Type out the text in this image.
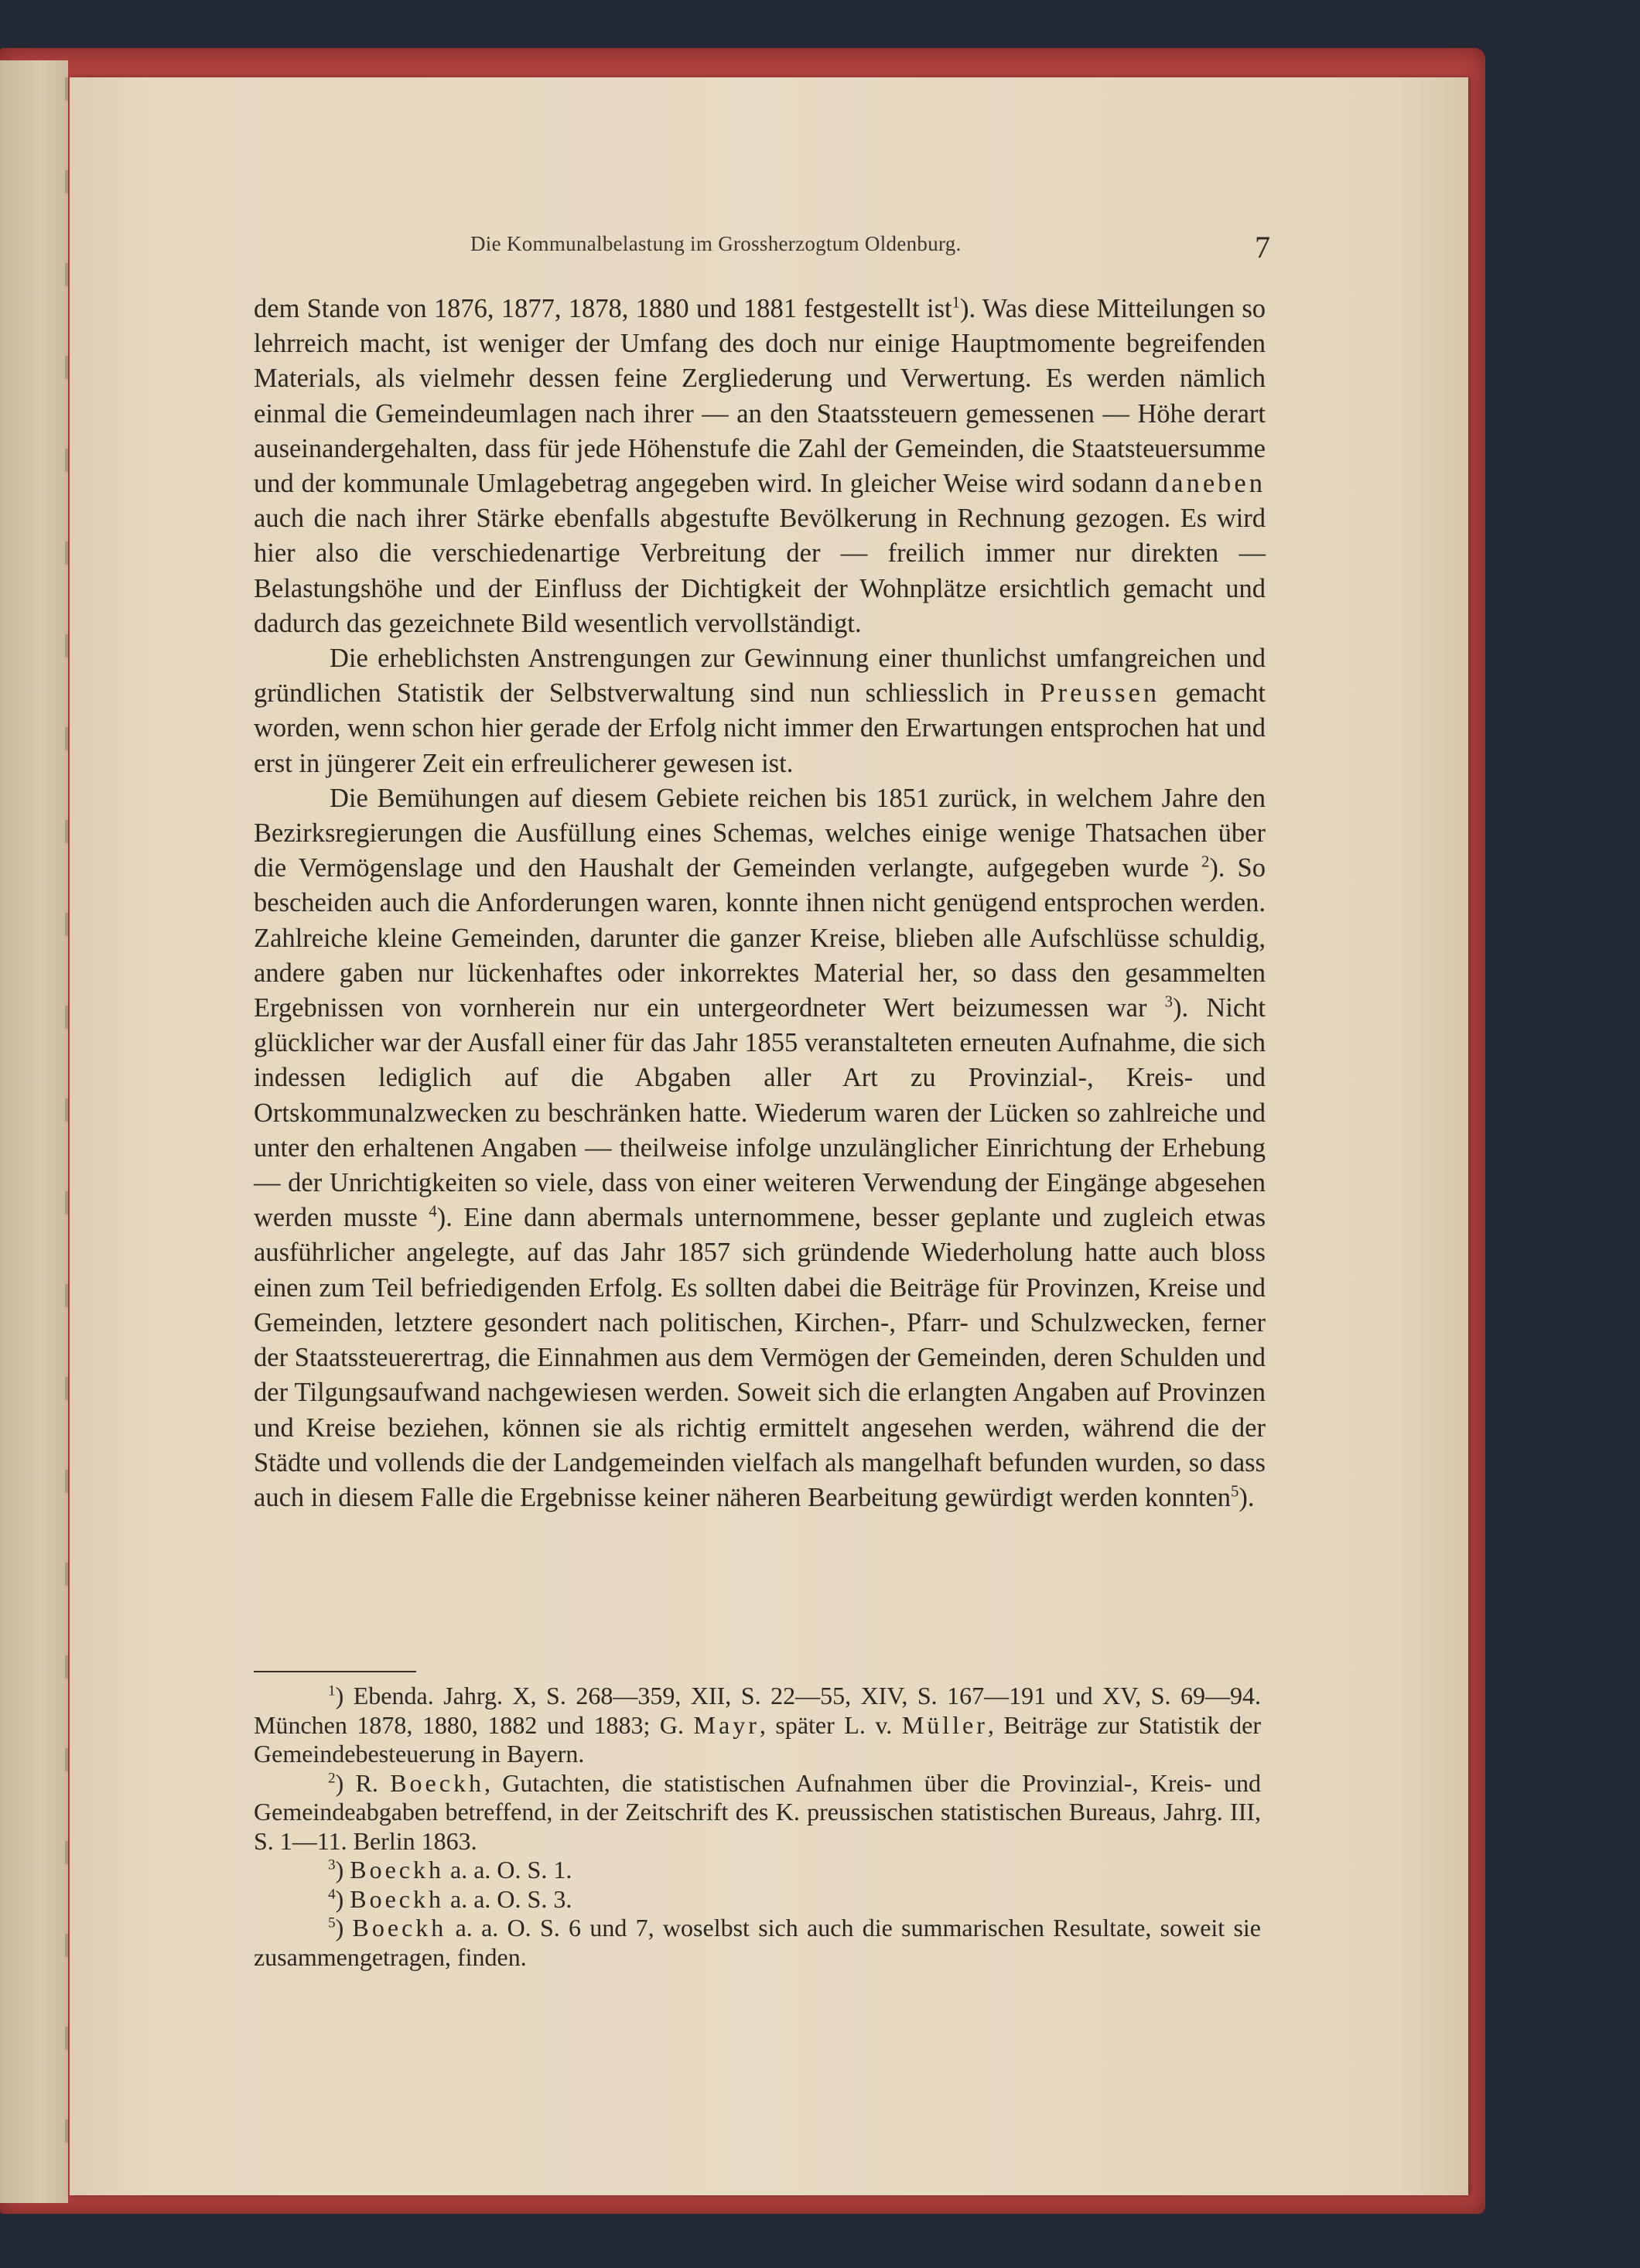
Die Kommunalbelastung im Grossherzogtum Oldenburg.	7

dem Stande von 1876, 1877, 1878, 1880 und 1881 festgestellt ist$^1$). Was diese Mitteilungen so lehrreich macht, ist weniger der Umfang des doch nur einige Hauptmomente begreifenden Materials, als vielmehr dessen feine Zergliederung und Verwertung. Es werden nämlich einmal die Gemeindeumlagen nach ihrer — an den Staatssteuern gemessenen — Höhe derart auseinandergehalten, dass für jede Höhenstufe die Zahl der Gemeinden, die Staatsteuersumme und der kommunale Umlagebetrag angegeben wird. In gleicher Weise wird sodann daneben auch die nach ihrer Stärke ebenfalls abgestufte Bevölkerung in Rechnung gezogen. Es wird hier also die verschiedenartige Verbreitung der — freilich immer nur direkten — Belastungshöhe und der Einfluss der Dichtigkeit der Wohnplätze ersichtlich gemacht und dadurch das gezeichnete Bild wesentlich vervollständigt.

Die erheblichsten Anstrengungen zur Gewinnung einer thunlichst umfangreichen und gründlichen Statistik der Selbstverwaltung sind nun schliesslich in Preussen gemacht worden, wenn schon hier gerade der Erfolg nicht immer den Erwartungen entsprochen hat und erst in jüngerer Zeit ein erfreulicherer gewesen ist.

Die Bemühungen auf diesem Gebiete reichen bis 1851 zurück, in welchem Jahre den Bezirksregierungen die Ausfüllung eines Schemas, welches einige wenige Thatsachen über die Vermögenslage und den Haushalt der Gemeinden verlangte, aufgegeben wurde $^2$). So bescheiden auch die Anforderungen waren, konnte ihnen nicht genügend entsprochen werden. Zahlreiche kleine Gemeinden, darunter die ganzer Kreise, blieben alle Aufschlüsse schuldig, andere gaben nur lückenhaftes oder inkorrektes Material her, so dass den gesammelten Ergebnissen von vornherein nur ein untergeordneter Wert beizumessen war $^3$). Nicht glücklicher war der Ausfall einer für das Jahr 1855 veranstalteten erneuten Aufnahme, die sich indessen lediglich auf die Abgaben aller Art zu Provinzial-, Kreis- und Ortskommunalzwecken zu beschränken hatte. Wiederum waren der Lücken so zahlreiche und unter den erhaltenen Angaben — theilweise infolge unzulänglicher Einrichtung der Erhebung — der Unrichtigkeiten so viele, dass von einer weiteren Verwendung der Eingänge abgesehen werden musste $^4$). Eine dann abermals unternommene, besser geplante und zugleich etwas ausführlicher angelegte, auf das Jahr 1857 sich gründende Wiederholung hatte auch bloss einen zum Teil befriedigenden Erfolg. Es sollten dabei die Beiträge für Provinzen, Kreise und Gemeinden, letztere gesondert nach politischen, Kirchen-, Pfarr- und Schulzwecken, ferner der Staatssteuerertrag, die Einnahmen aus dem Vermögen der Gemeinden, deren Schulden und der Tilgungsaufwand nachgewiesen werden. Soweit sich die erlangten Angaben auf Provinzen und Kreise beziehen, können sie als richtig ermittelt angesehen werden, während die der Städte und vollends die der Landgemeinden vielfach als mangelhaft befunden wurden, so dass auch in diesem Falle die Ergebnisse keiner näheren Bearbeitung gewürdigt werden konnten$^5$).

$^1$) Ebenda. Jahrg. X, S. 268—359, XII, S. 22—55, XIV, S. 167—191 und XV, S. 69—94. München 1878, 1880, 1882 und 1883; G. Mayr, später L. v. Müller, Beiträge zur Statistik der Gemeindebesteuerung in Bayern.

$^2$) R. Boeckh, Gutachten, die statistischen Aufnahmen über die Provinzial-, Kreis- und Gemeindeabgaben betreffend, in der Zeitschrift des K. preussischen statistischen Bureaus, Jahrg. III, S. 1—11. Berlin 1863.

$^3$) Boeckh a. a. O. S. 1.

$^4$) Boeckh a. a. O. S. 3.

$^5$) Boeckh a. a. O. S. 6 und 7, woselbst sich auch die summarischen Resultate, soweit sie zusammengetragen, finden.
